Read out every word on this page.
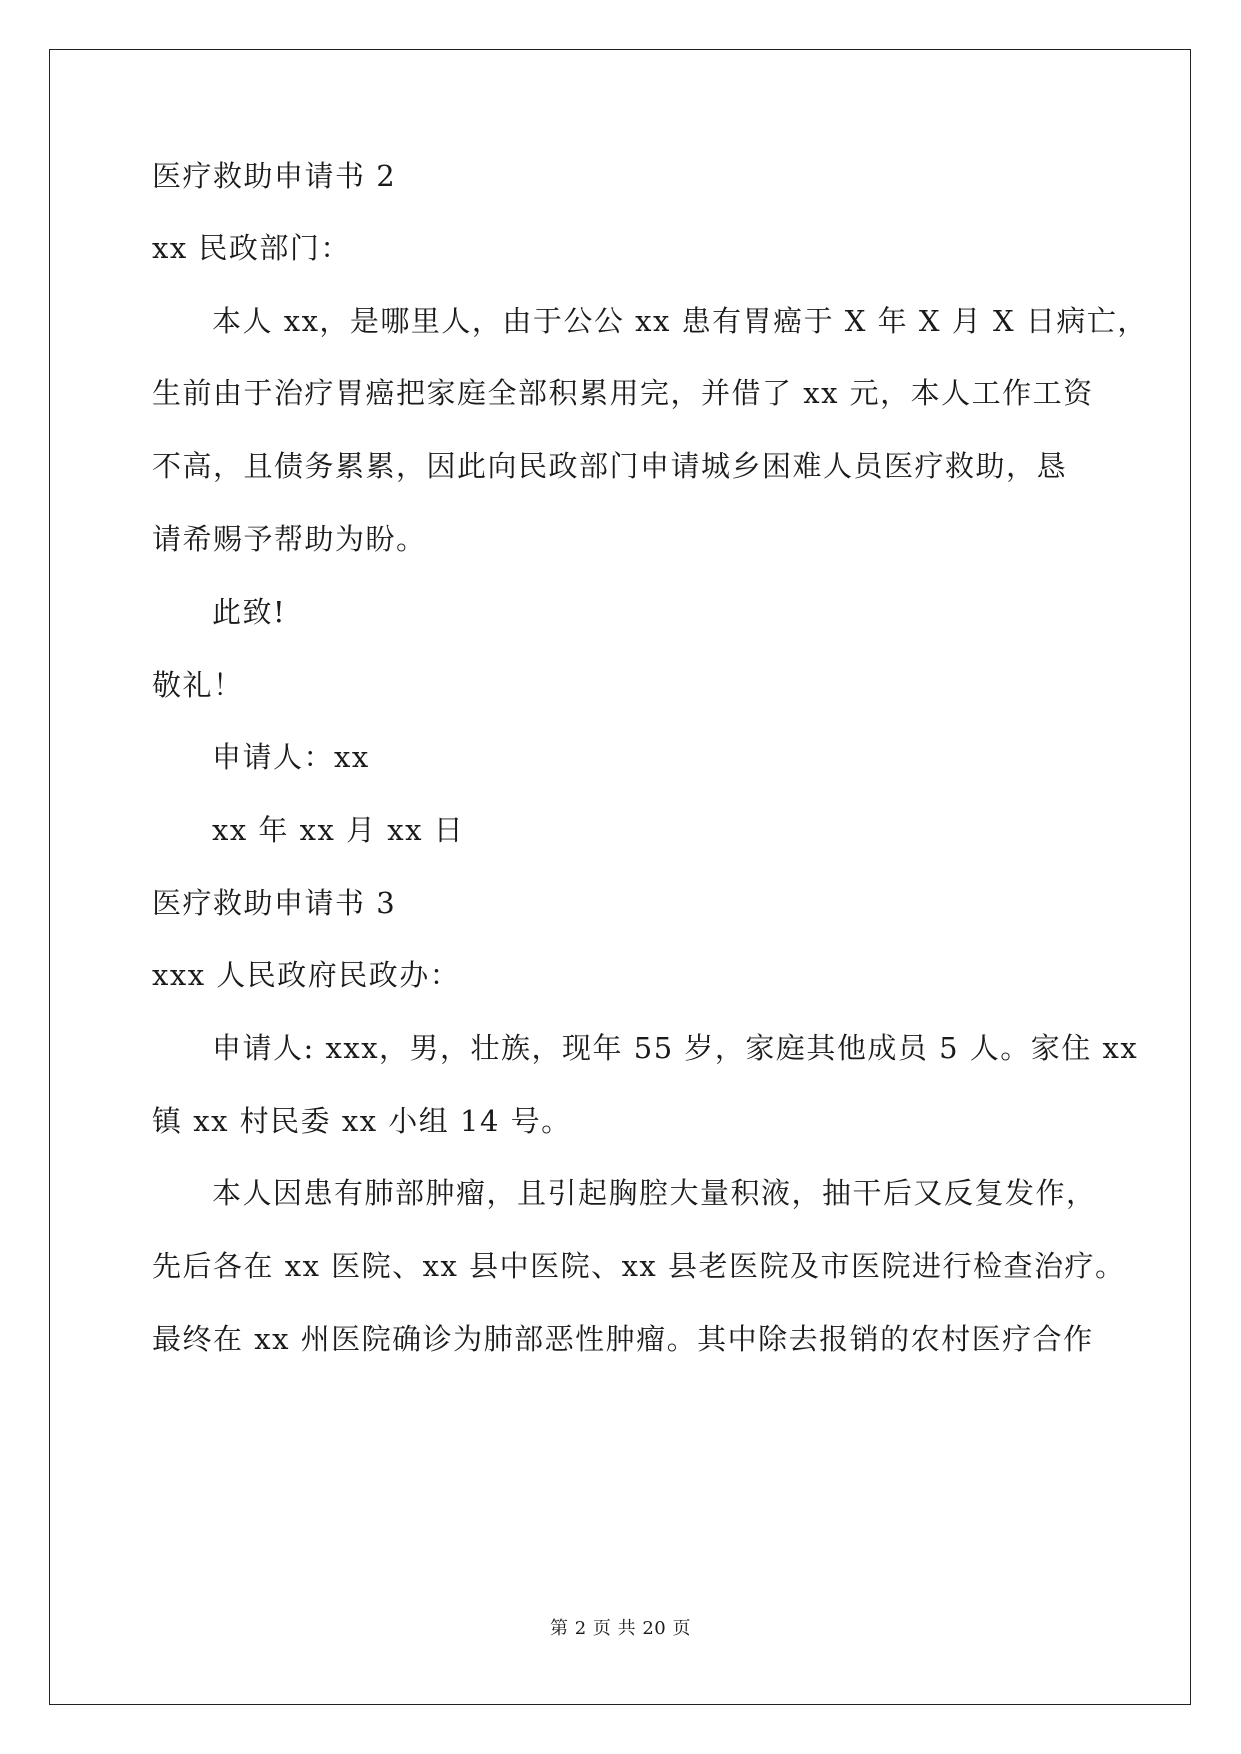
医疗救助申请书 2
xx 民政部门：
本人 xx，是哪里人，由于公公 xx 患有胃癌于 X 年 X 月 X 日病亡，
生前由于治疗胃癌把家庭全部积累用完，并借了 xx 元，本人工作工资
不高，且债务累累，因此向民政部门申请城乡困难人员医疗救助，恳
请希赐予帮助为盼。
此致!
敬礼！
申请人：xx
xx 年 xx 月 xx 日
医疗救助申请书 3
xxx 人民政府民政办：
申请人: xxx，男，壮族，现年 55 岁，家庭其他成员 5 人。家住 xx
镇 xx 村民委 xx 小组 14 号。
本人因患有肺部肿瘤，且引起胸腔大量积液，抽干后又反复发作，
先后各在 xx 医院、xx 县中医院、xx 县老医院及市医院进行检查治疗。
最终在 xx 州医院确诊为肺部恶性肿瘤。其中除去报销的农村医疗合作
第 2 页 共 20 页
